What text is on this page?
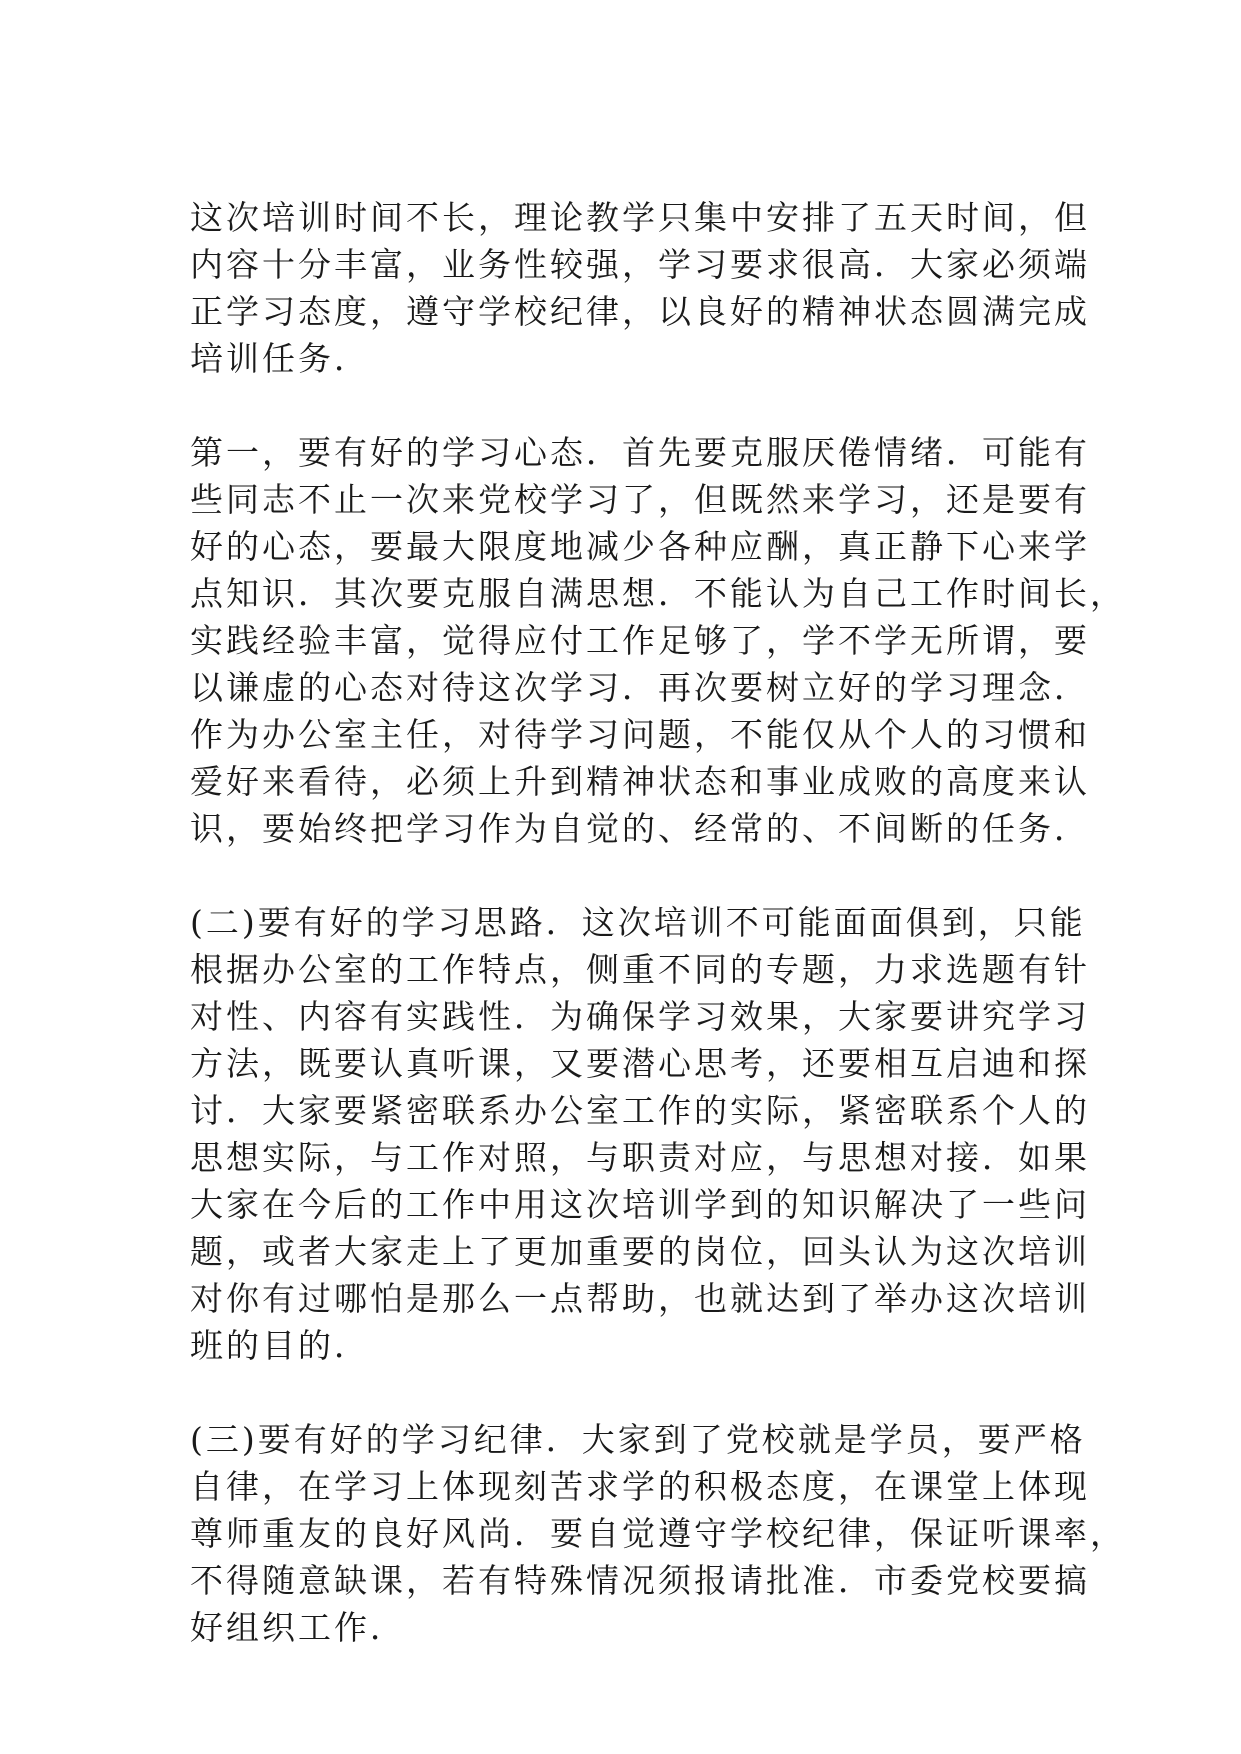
这次培训时间不长，理论教学只集中安排了五天时间，但
内容十分丰富，业务性较强，学习要求很高．大家必须端
正学习态度，遵守学校纪律，以良好的精神状态圆满完成
培训任务．

第一，要有好的学习心态．首先要克服厌倦情绪．可能有
些同志不止一次来党校学习了，但既然来学习，还是要有
好的心态，要最大限度地减少各种应酬，真正静下心来学
点知识．其次要克服自满思想．不能认为自己工作时间长，
实践经验丰富，觉得应付工作足够了，学不学无所谓，要
以谦虚的心态对待这次学习．再次要树立好的学习理念．
作为办公室主任，对待学习问题，不能仅从个人的习惯和
爱好来看待，必须上升到精神状态和事业成败的高度来认
识，要始终把学习作为自觉的、经常的、不间断的任务．

(二)要有好的学习思路．这次培训不可能面面俱到，只能
根据办公室的工作特点，侧重不同的专题，力求选题有针
对性、内容有实践性．为确保学习效果，大家要讲究学习
方法，既要认真听课，又要潜心思考，还要相互启迪和探
讨．大家要紧密联系办公室工作的实际，紧密联系个人的
思想实际，与工作对照，与职责对应，与思想对接．如果
大家在今后的工作中用这次培训学到的知识解决了一些问
题，或者大家走上了更加重要的岗位，回头认为这次培训
对你有过哪怕是那么一点帮助，也就达到了举办这次培训
班的目的．

(三)要有好的学习纪律．大家到了党校就是学员，要严格
自律，在学习上体现刻苦求学的积极态度，在课堂上体现
尊师重友的良好风尚．要自觉遵守学校纪律，保证听课率，
不得随意缺课，若有特殊情况须报请批准．市委党校要搞
好组织工作．
